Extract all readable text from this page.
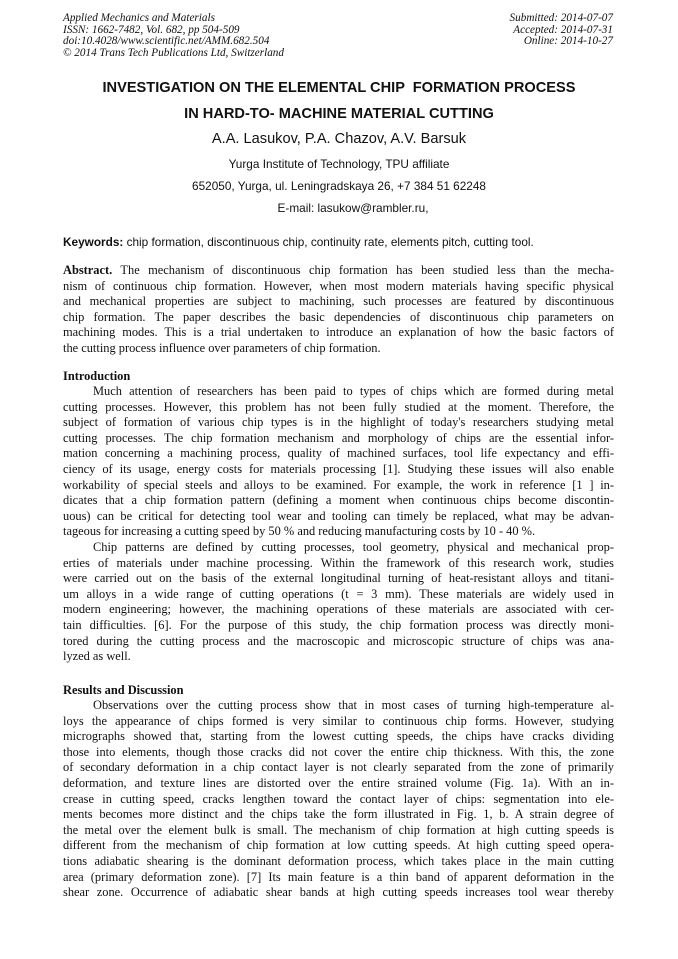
Applied Mechanics and Materials
ISSN: 1662-7482, Vol. 682, pp 504-509
doi:10.4028/www.scientific.net/AMM.682.504
© 2014 Trans Tech Publications Ltd, Switzerland
Submitted: 2014-07-07
Accepted: 2014-07-31
Online: 2014-10-27
INVESTIGATION ON THE ELEMENTAL CHIP  FORMATION PROCESS
IN HARD-TO- MACHINE MATERIAL CUTTING
A.A. Lasukov, P.A. Chazov, A.V. Barsuk
Yurga Institute of Technology, TPU affiliate
652050, Yurga, ul. Leningradskaya 26, +7 384 51 62248
E-mail: lasukow@rambler.ru,
Keywords: chip formation, discontinuous chip, continuity rate, elements pitch, cutting tool.
Abstract. The mechanism of discontinuous chip formation has been studied less than the mecha-
nism of continuous chip formation. However, when most modern materials having specific physical
and mechanical properties are subject to machining, such processes are featured by discontinuous
chip formation. The paper describes the basic dependencies of discontinuous chip parameters on
machining modes. This is a trial undertaken to introduce an explanation of how the basic factors of
the cutting process influence over parameters of chip formation.
Introduction
Much attention of researchers has been paid to types of chips which are formed during metal
cutting processes. However, this problem has not been fully studied at the moment. Therefore, the
subject of formation of various chip types is in the highlight of today's researchers studying metal
cutting processes. The chip formation mechanism and morphology of chips are the essential infor-
mation concerning a machining process, quality of machined surfaces, tool life expectancy and effi-
ciency of its usage, energy costs for materials processing [1]. Studying these issues will also enable
workability of special steels and alloys to be examined. For example, the work in reference [1 ] in-
dicates that a chip formation pattern (defining a moment when continuous chips become discontin-
uous) can be critical for detecting tool wear and tooling can timely be replaced, what may be advan-
tageous for increasing a cutting speed by 50 % and reducing manufacturing costs by 10 - 40 %.
Chip patterns are defined by cutting processes, tool geometry, physical and mechanical prop-
erties of materials under machine processing. Within the framework of this research work, studies
were carried out on the basis of the external longitudinal turning of heat-resistant alloys and titani-
um alloys in a wide range of cutting operations (t = 3 mm). These materials are widely used in
modern engineering; however, the machining operations of these materials are associated with cer-
tain difficulties. [6]. For the purpose of this study, the chip formation process was directly moni-
tored during the cutting process and the macroscopic and microscopic structure of chips was ana-
lyzed as well.
Results and Discussion
Observations over the cutting process show that in most cases of turning high-temperature al-
loys the appearance of chips formed is very similar to continuous chip forms. However, studying
micrographs showed that, starting from the lowest cutting speeds, the chips have cracks dividing
those into elements, though those cracks did not cover the entire chip thickness. With this, the zone
of secondary deformation in a chip contact layer is not clearly separated from the zone of primarily
deformation, and texture lines are distorted over the entire strained volume (Fig. 1a). With an in-
crease in cutting speed, cracks lengthen toward the contact layer of chips: segmentation into ele-
ments becomes more distinct and the chips take the form illustrated in Fig. 1, b. A strain degree of
the metal over the element bulk is small. The mechanism of chip formation at high cutting speeds is
different from the mechanism of chip formation at low cutting speeds. At high cutting speed opera-
tions adiabatic shearing is the dominant deformation process, which takes place in the main cutting
area (primary deformation zone). [7] Its main feature is a thin band of apparent deformation in the
shear zone. Occurrence of adiabatic shear bands at high cutting speeds increases tool wear thereby
